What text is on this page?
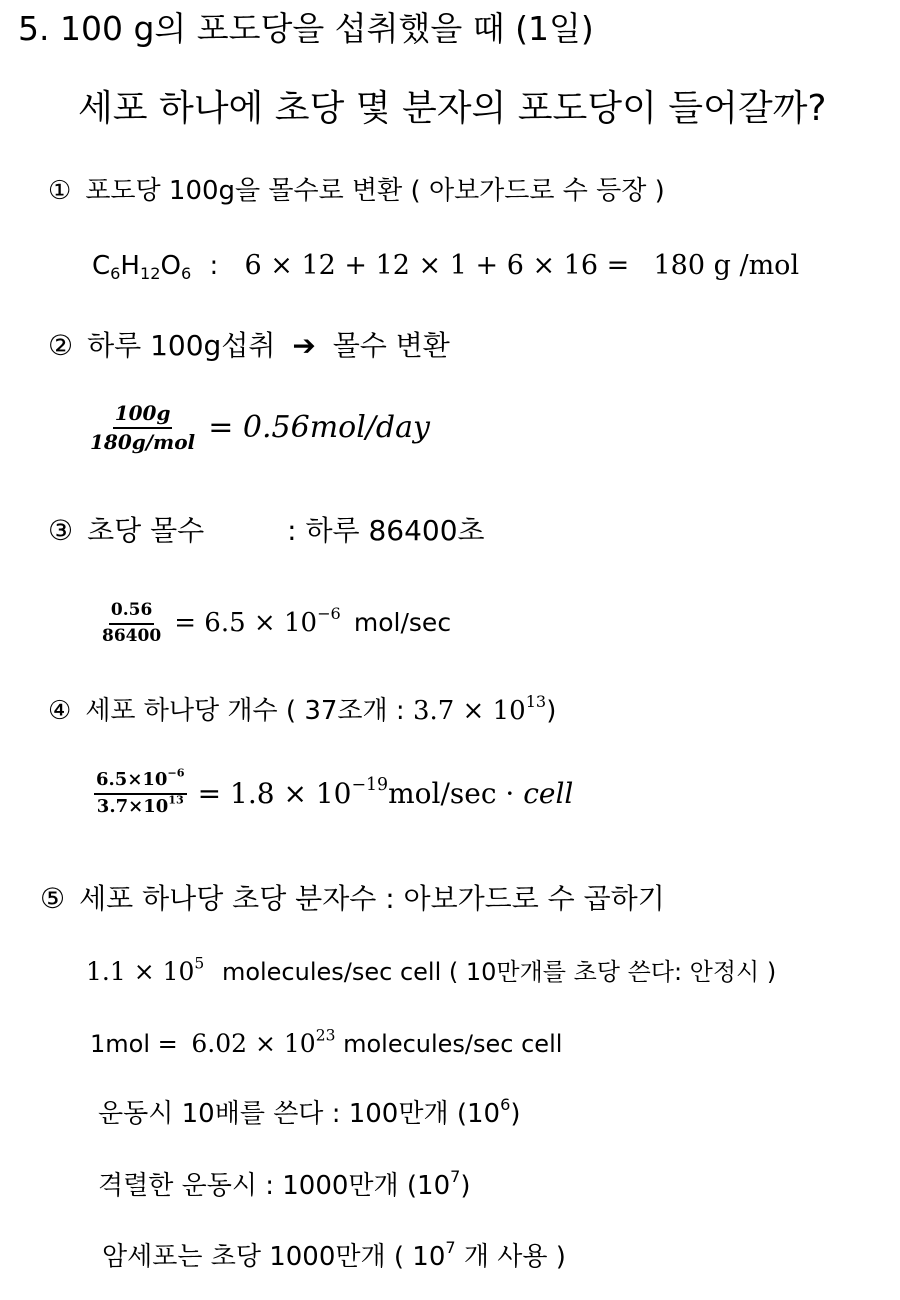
5. 100 g의 포도당을 섭취했을 때 (1일)
세포 하나에 초당 몇 분자의 포도당이 들어갈까?
① 포도당 100g을 몰수로 변환 ( 아보가드로 수 등장 )
$C_6H_{12}O_6$ : 6 × 12 + 12 × 1 + 6 × 16 = 180 g /mol
② 하루 100g섭취 ➔ 몰수 변환
$\frac{100g}{\text{180g/mol}} = 0.56mol/day$
③ 초당 몰수	: 하루 86400초
$\frac{0.56}{86400} = 6.5 \times 10^{-6}$ mol/sec
④ 세포 하나당 개수 ( 37조개 : $3.7 \times 10^{13}$)
$\frac{6.5\times 10^{-6}}{3.7\times 10^{13}} = 1.8 \times 10^{-19}mol/\sec$ · cell
⑤ 세포 하나당 초당 분자수 : 아보가드로 수 곱하기
$1.1 \times 10^5$ molecules/sec cell ( 10만개를 초당 쓴다: 안정시 )
$1mol = 6.02 \times 10^{23}$ molecules/sec cell
운동시 10배를 쓴다 : 100만개 $(10^6)$
격렬한 운동시 : 1000만개 $(10^7)$
암세포는 초당 1000만개 ( $10^7$ 개 사용 )
